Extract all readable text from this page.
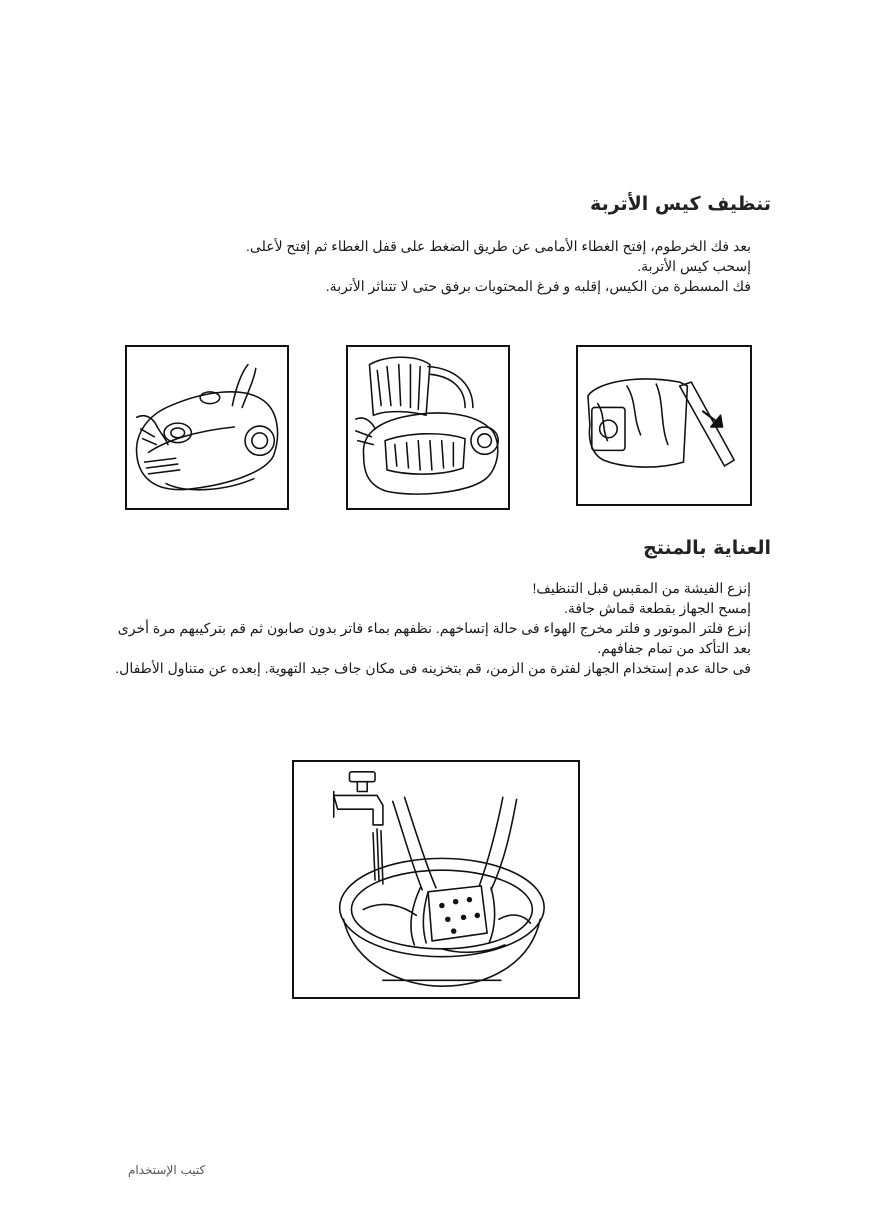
تنظيف كيس الأتربة

بعد فك الخرطوم، إفتح الغطاء الأمامى عن طريق الضغط على قفل الغطاء ثم إفتح لأعلى.

إسحب كيس الأتربة.

فك المسطرة من الكيس، إقلبه و فرغ المحتويات برفق حتى لا تتناثر الأتربة.

العناية بالمنتج

إنزع الفيشة من المقبس قبل التنظيف!

إمسح الجهاز بقطعة قماش جافة.

إنزع فلتر الموتور و فلتر مخرج الهواء فى حالة إتساخهم. نظفهم بماء فاتر بدون صابون ثم قم بتركيبهم مرة أخرى بعد التأكد من تمام جفافهم.

فى حالة عدم إستخدام الجهاز لفترة من الزمن، قم بتخزينه فى مكان جاف جيد التهوية. إبعده عن متناول الأطفال.

كتيب الإستخدام
